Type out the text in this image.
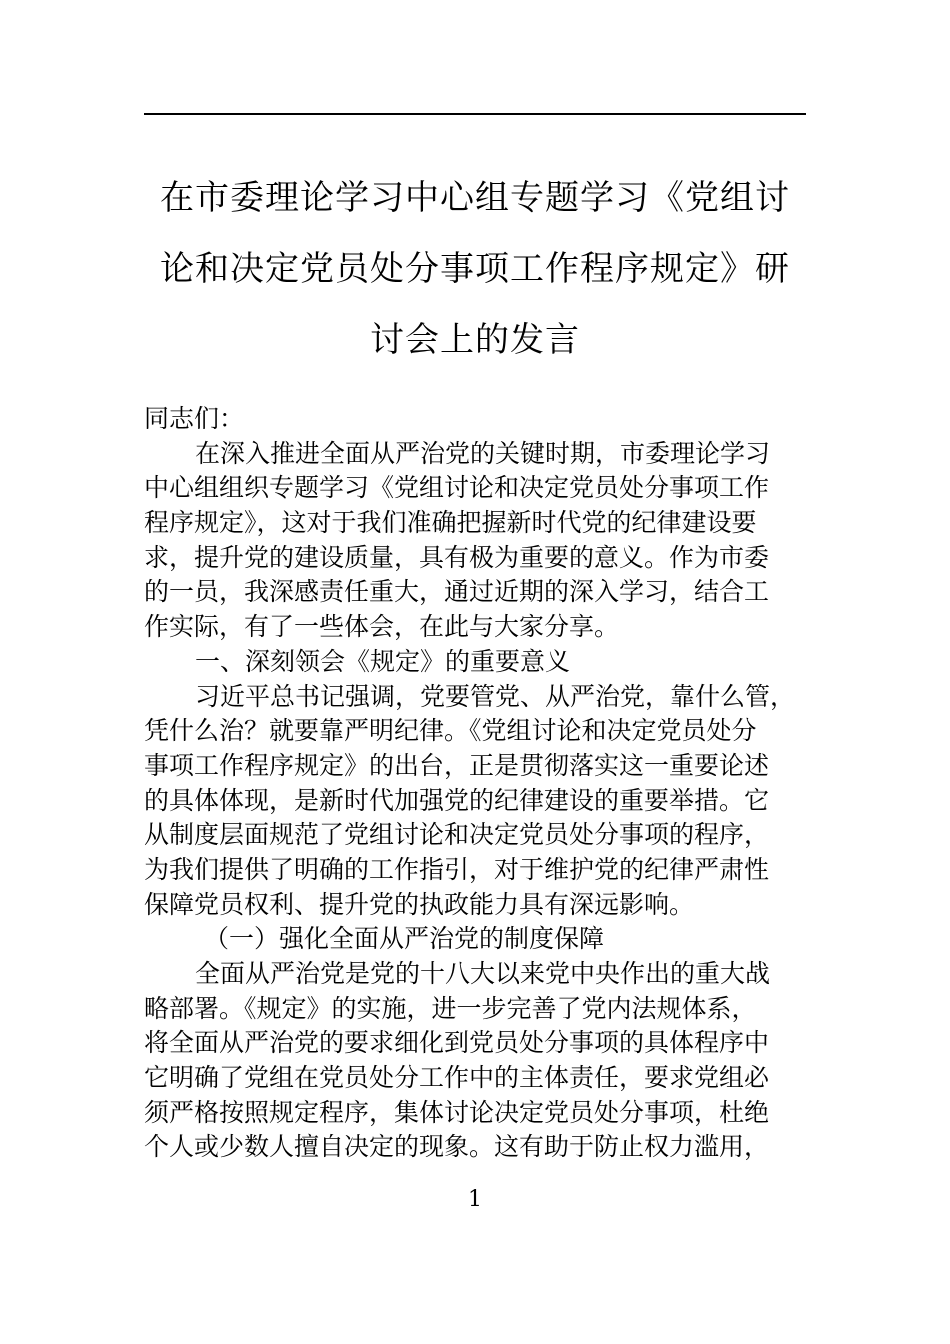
在市委理论学习中心组专题学习《党组讨
论和决定党员处分事项工作程序规定》研
讨会上的发言
同志们：
在深入推进全面从严治党的关键时期，市委理论学习
中心组组织专题学习《党组讨论和决定党员处分事项工作
程序规定》，这对于我们准确把握新时代党的纪律建设要
求，提升党的建设质量，具有极为重要的意义。作为市委
的一员，我深感责任重大，通过近期的深入学习，结合工
作实际，有了一些体会，在此与大家分享。
一、深刻领会《规定》的重要意义
习近平总书记强调，党要管党、从严治党，靠什么管，
凭什么治？就要靠严明纪律。《党组讨论和决定党员处分
事项工作程序规定》的出台，正是贯彻落实这一重要论述
的具体体现，是新时代加强党的纪律建设的重要举措。它
从制度层面规范了党组讨论和决定党员处分事项的程序，
为我们提供了明确的工作指引，对于维护党的纪律严肃性
保障党员权利、提升党的执政能力具有深远影响。
（一）强化全面从严治党的制度保障
全面从严治党是党的十八大以来党中央作出的重大战
略部署。《规定》的实施，进一步完善了党内法规体系，
将全面从严治党的要求细化到党员处分事项的具体程序中
它明确了党组在党员处分工作中的主体责任，要求党组必
须严格按照规定程序，集体讨论决定党员处分事项，杜绝
个人或少数人擅自决定的现象。这有助于防止权力滥用，
1
